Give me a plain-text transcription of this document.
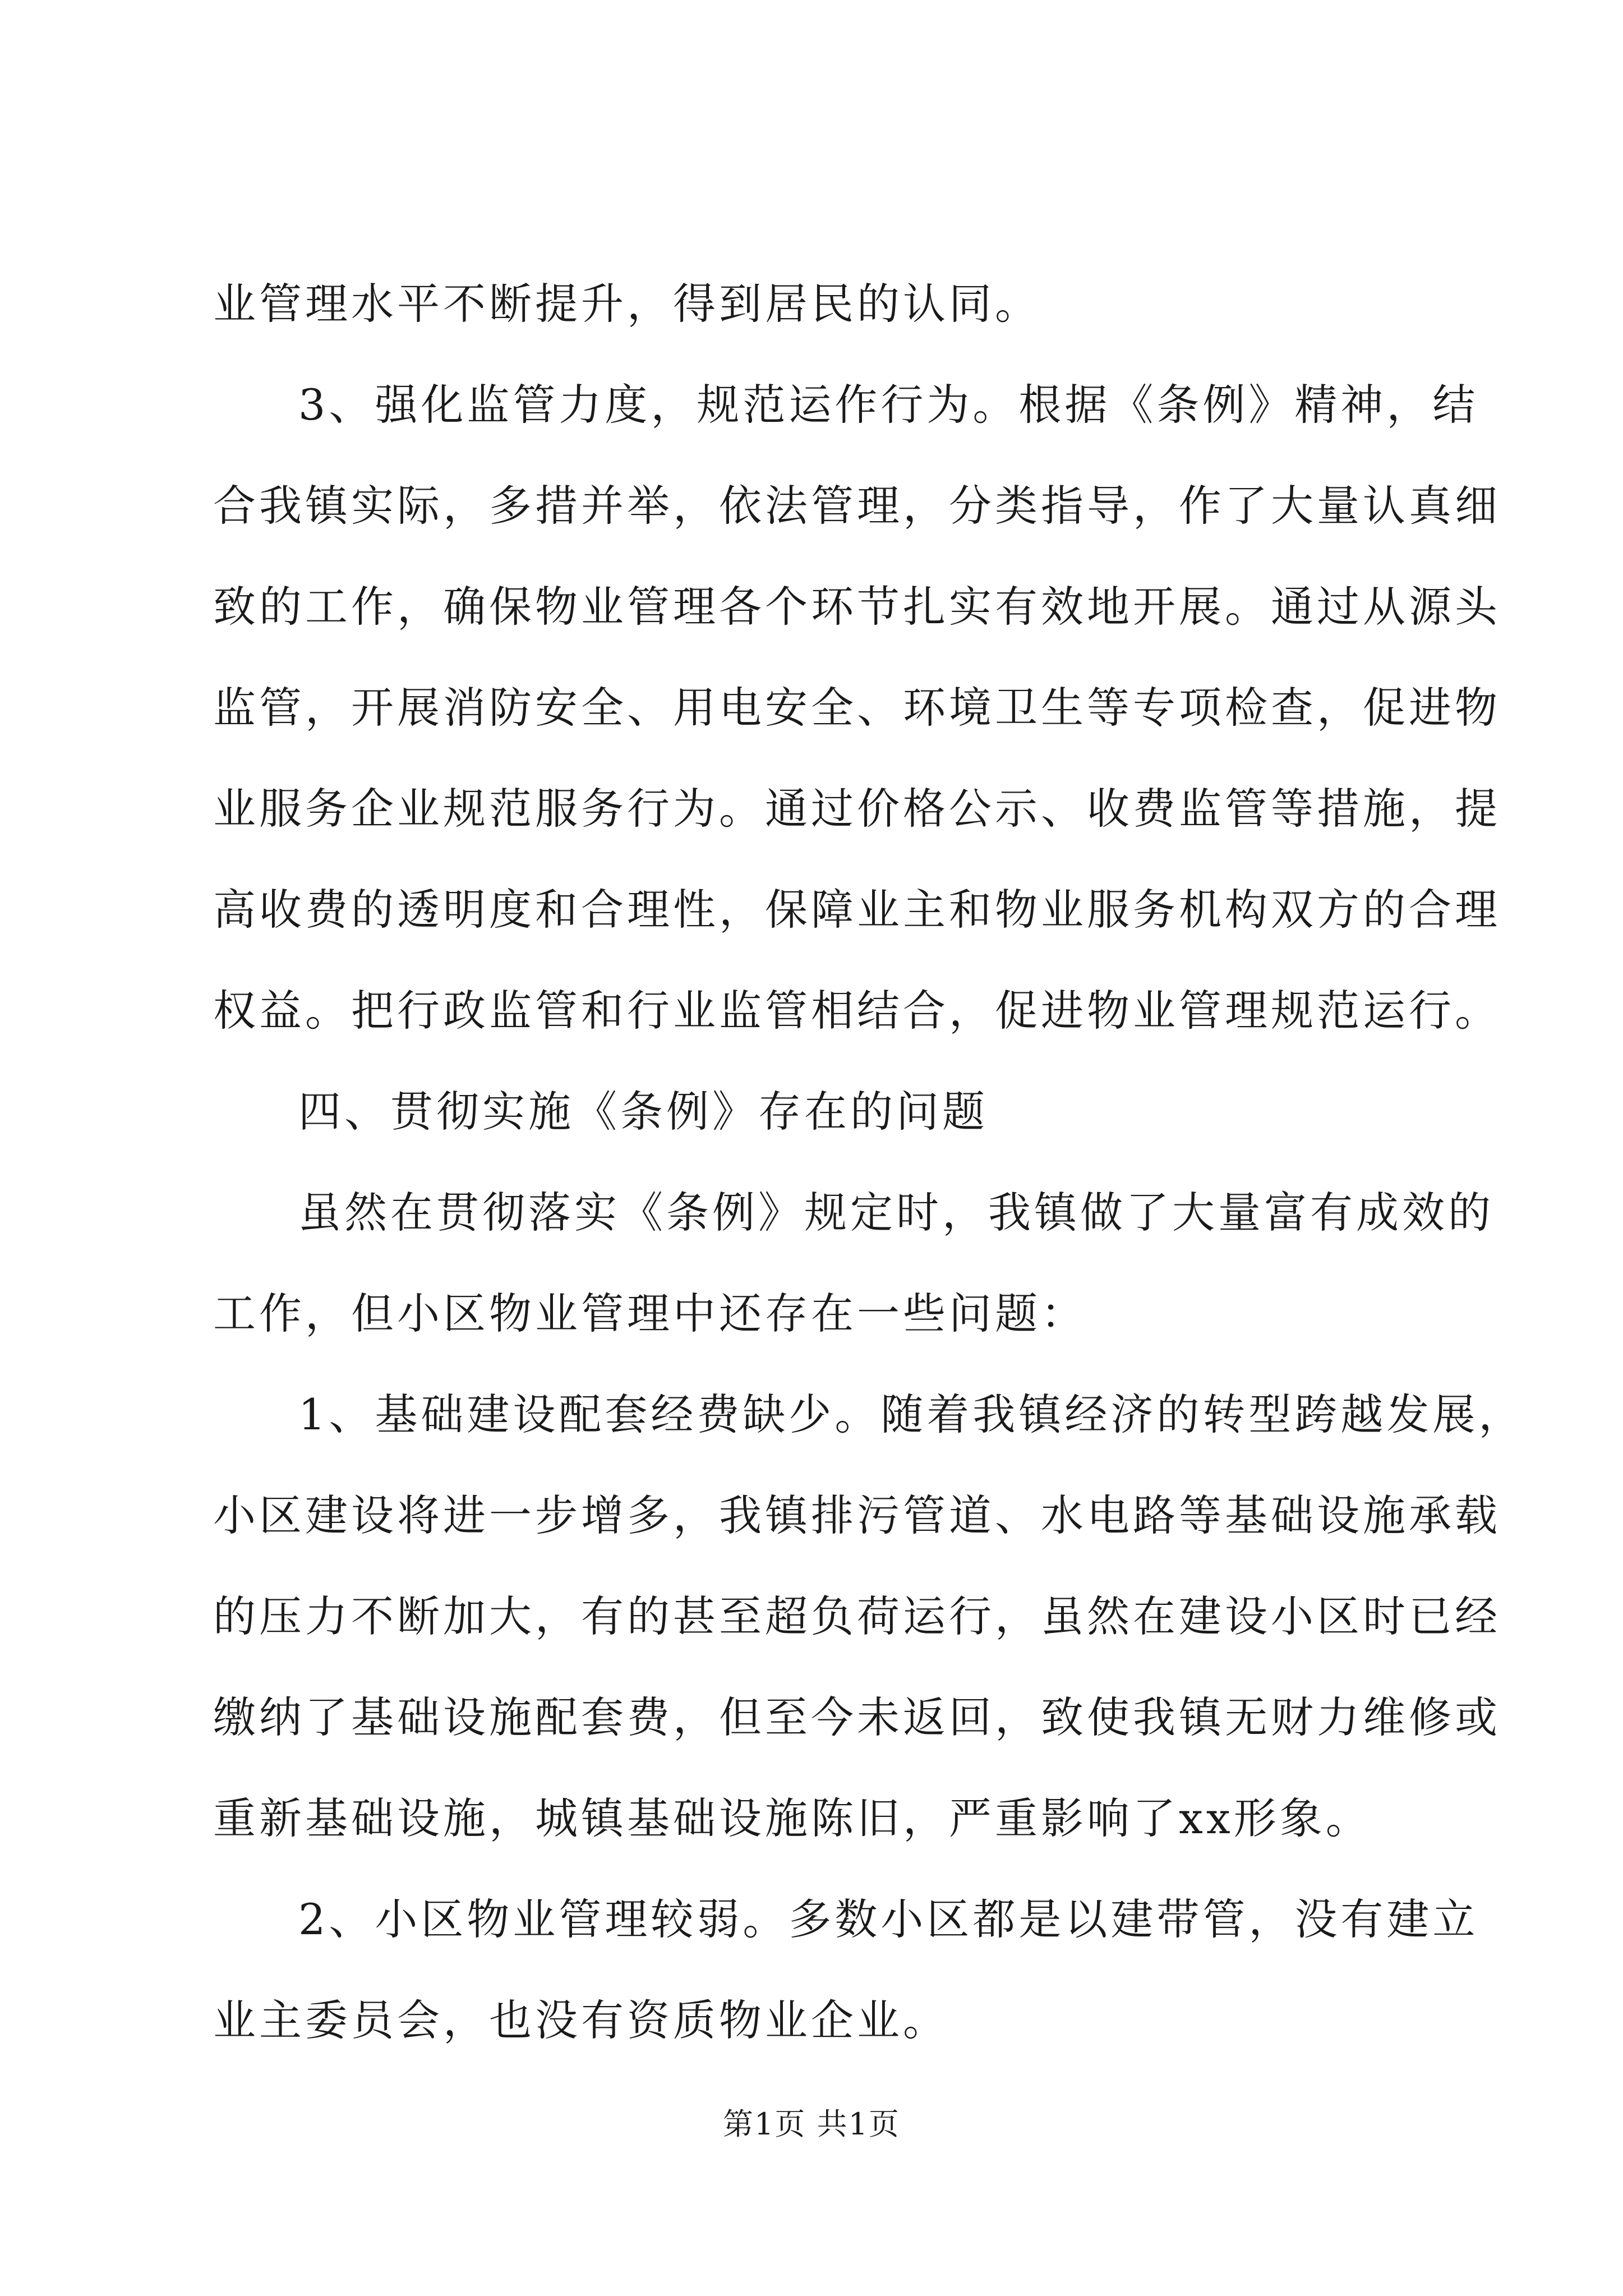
业管理水平不断提升，得到居民的认同。
3、强化监管力度，规范运作行为。根据《条例》精神，结
合我镇实际，多措并举，依法管理，分类指导，作了大量认真细
致的工作，确保物业管理各个环节扎实有效地开展。通过从源头
监管，开展消防安全、用电安全、环境卫生等专项检查，促进物
业服务企业规范服务行为。通过价格公示、收费监管等措施，提
高收费的透明度和合理性，保障业主和物业服务机构双方的合理
权益。把行政监管和行业监管相结合，促进物业管理规范运行。
四、贯彻实施《条例》存在的问题
虽然在贯彻落实《条例》规定时，我镇做了大量富有成效的
工作，但小区物业管理中还存在一些问题：
1、基础建设配套经费缺少。随着我镇经济的转型跨越发展，
小区建设将进一步增多，我镇排污管道、水电路等基础设施承载
的压力不断加大，有的甚至超负荷运行，虽然在建设小区时已经
缴纳了基础设施配套费，但至今未返回，致使我镇无财力维修或
重新基础设施，城镇基础设施陈旧，严重影响了xx形象。
2、小区物业管理较弱。多数小区都是以建带管，没有建立
业主委员会，也没有资质物业企业。
第1页 共1页
